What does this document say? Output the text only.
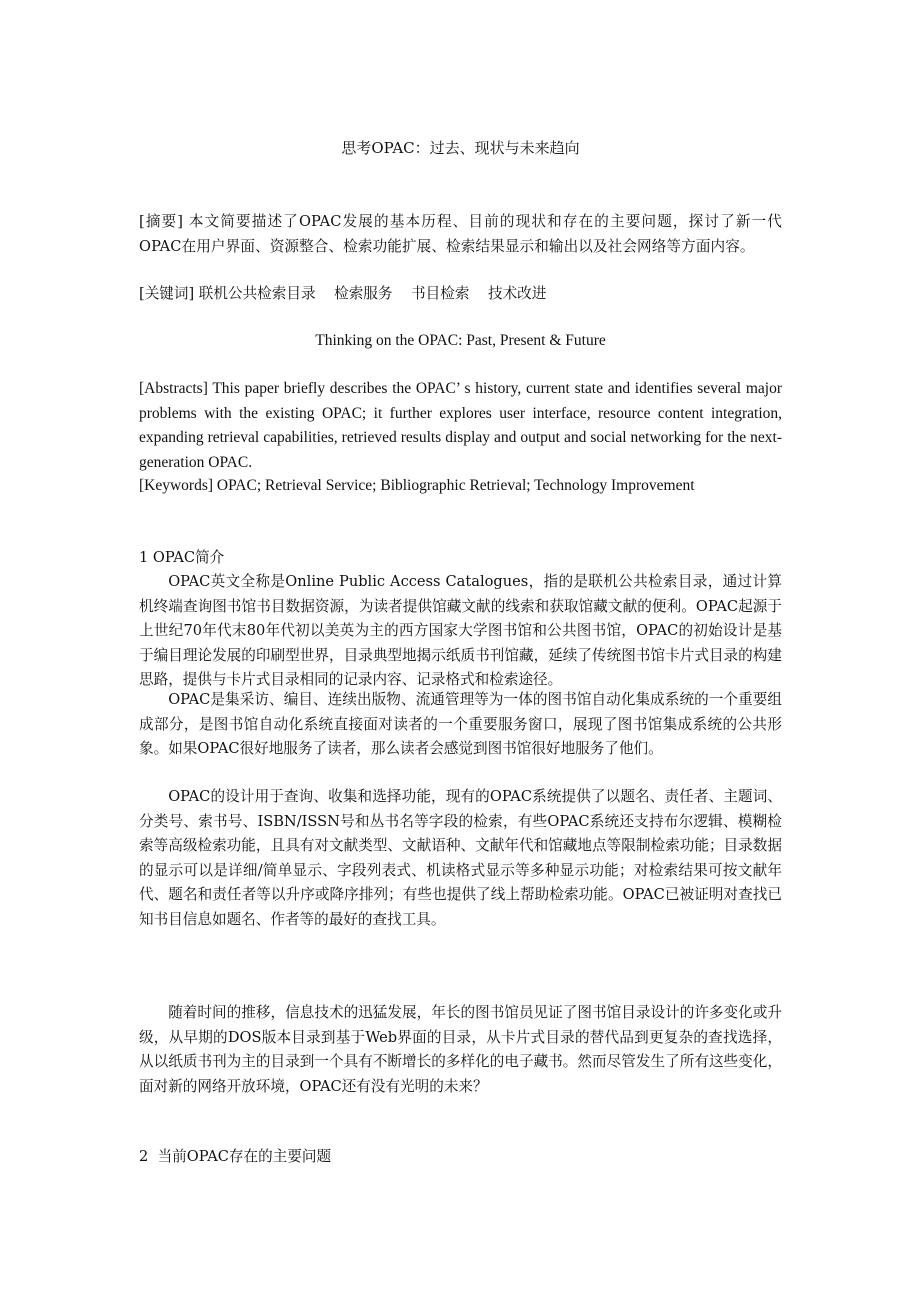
思考OPAC：过去、现状与未来趋向
[摘要] 本文简要描述了OPAC发展的基本历程、目前的现状和存在的主要问题，探讨了新一代OPAC在用户界面、资源整合、检索功能扩展、检索结果显示和输出以及社会网络等方面内容。
[关键词] 联机公共检索目录    检索服务    书目检索    技术改进
Thinking on the OPAC: Past, Present & Future
[Abstracts] This paper briefly describes the OPAC’ s history, current state and identifies several major problems with the existing OPAC; it further explores user interface, resource content integration, expanding retrieval capabilities, retrieved results display and output and social networking for the next-generation OPAC.
[Keywords] OPAC; Retrieval Service; Bibliographic Retrieval; Technology Improvement
1 OPAC简介
OPAC英文全称是Online Public Access Catalogues，指的是联机公共检索目录，通过计算机终端查询图书馆书目数据资源，为读者提供馆藏文献的线索和获取馆藏文献的便利。OPAC起源于上世纪70年代末80年代初以美英为主的西方国家大学图书馆和公共图书馆，OPAC的初始设计是基于编目理论发展的印刷型世界，目录典型地揭示纸质书刊馆藏，延续了传统图书馆卡片式目录的构建思路，提供与卡片式目录相同的记录内容、记录格式和检索途径。
OPAC是集采访、编目、连续出版物、流通管理等为一体的图书馆自动化集成系统的一个重要组成部分，是图书馆自动化系统直接面对读者的一个重要服务窗口，展现了图书馆集成系统的公共形象。如果OPAC很好地服务了读者，那么读者会感觉到图书馆很好地服务了他们。
2  当前OPAC存在的主要问题
OPAC的设计用于查询、收集和选择功能，现有的OPAC系统提供了以题名、责任者、主题词、分类号、索书号、ISBN/ISSN号和丛书名等字段的检索，有些OPAC系统还支持布尔逻辑、模糊检索等高级检索功能，且具有对文献类型、文献语种、文献年代和馆藏地点等限制检索功能；目录数据的显示可以是详细/简单显示、字段列表式、机读格式显示等多种显示功能；对检索结果可按文献年代、题名和责任者等以升序或降序排列；有些也提供了线上帮助检索功能。OPAC已被证明对查找已知书目信息如题名、作者等的最好的查找工具。
随着时间的推移，信息技术的迅猛发展，年长的图书馆员见证了图书馆目录设计的许多变化或升级，从早期的DOS版本目录到基于Web界面的目录，从卡片式目录的替代品到更复杂的查找选择，从以纸质书刊为主的目录到一个具有不断增长的多样化的电子藏书。然而尽管发生了所有这些变化，面对新的网络开放环境，OPAC还有没有光明的未来？
